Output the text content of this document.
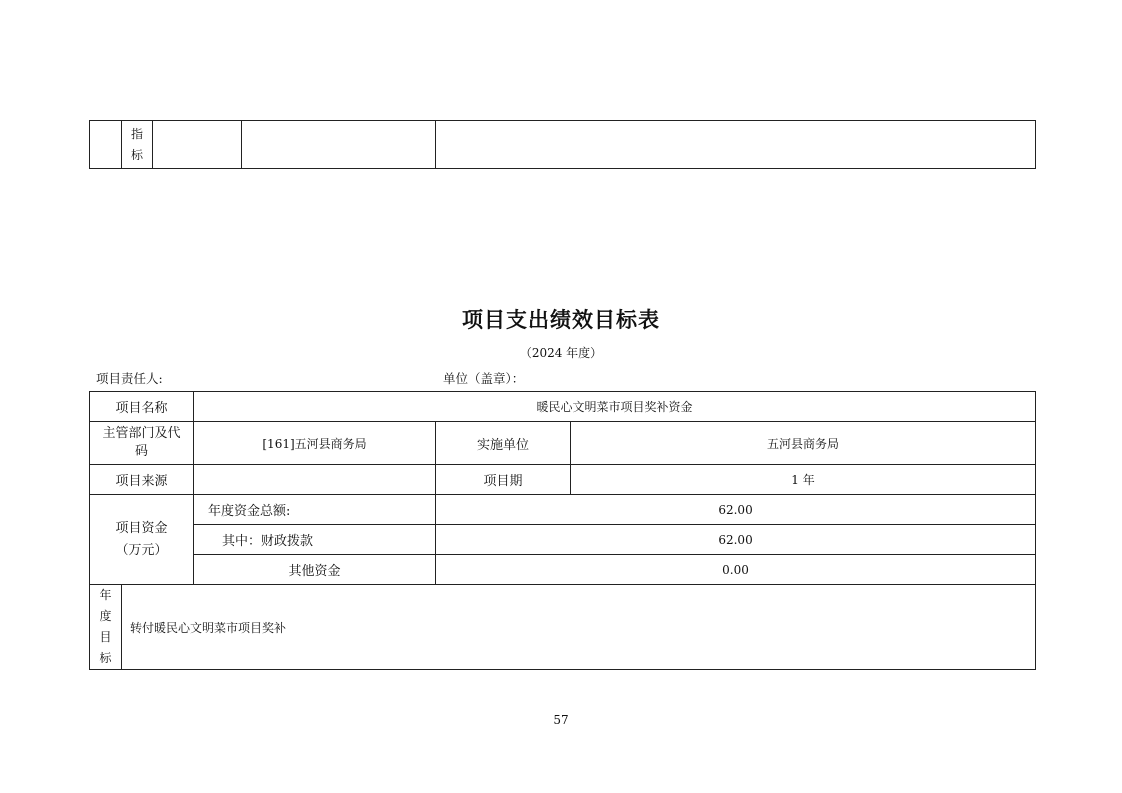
指
标

项目支出绩效目标表
（2024 年度）
项目责任人:	单位（盖章）：
项目名称		暖民心文明菜市项目奖补资金		
主管部门及代
码		[161]五河县商务局	实施单位	五河县商务局
项目来源			项目期	1 年
项目资金
（万元）		年度资金总额:	62.00	
		其中：财政拨款	62.00	
		其他资金	0.00	

年
度
目
标	转付暖民心文明菜市项目奖补			
57
